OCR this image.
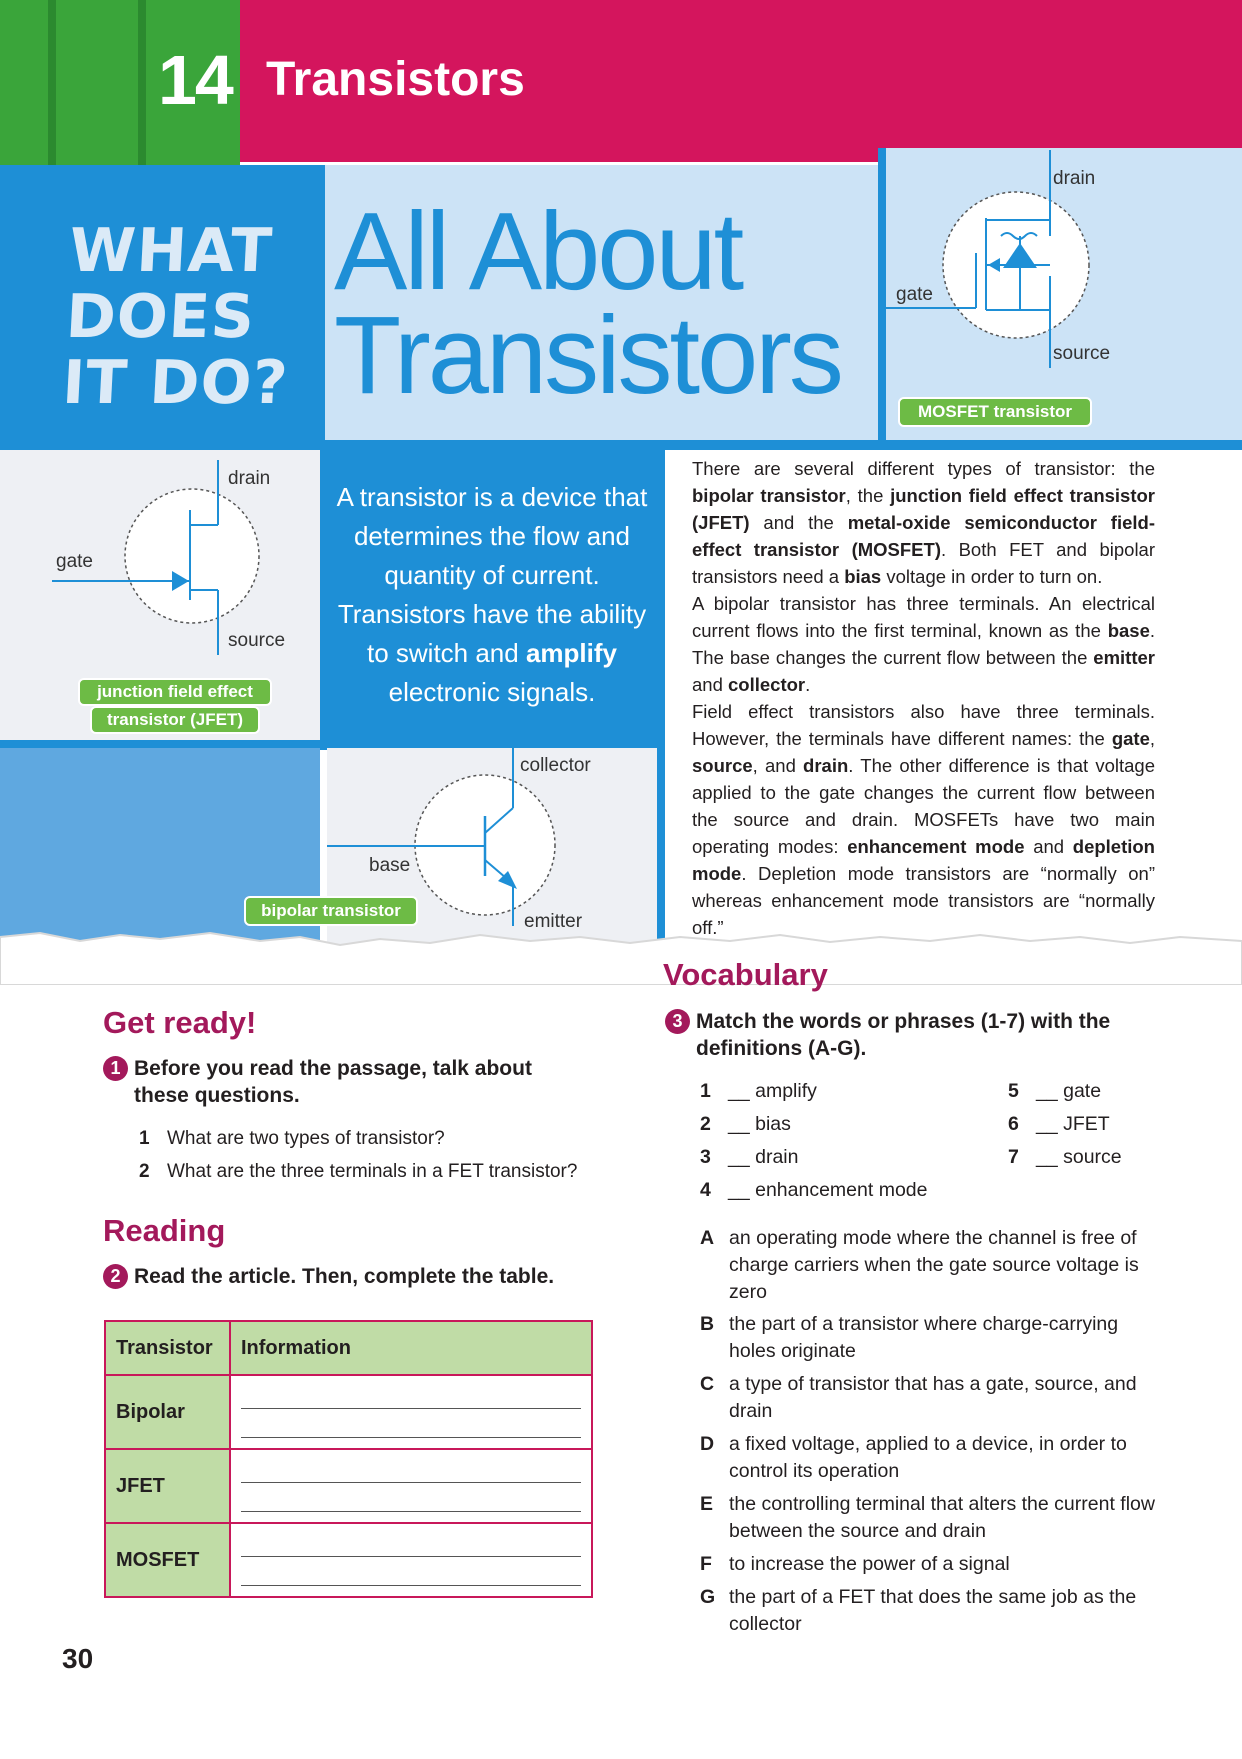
14 Transistors
WHAT
DOES
IT DO?
All About
Transistors
drain
gate
source
MOSFET transistor
drain
gate
source
junction field effect
transistor (JFET)
A transistor is a device that determines the flow and quantity of current. Transistors have the ability to switch and amplify electronic signals.
There are several different types of transistor: the bipolar transistor, the junction field effect transistor (JFET) and the metal-oxide semiconductor field-effect transistor (MOSFET). Both FET and bipolar transistors need a bias voltage in order to turn on.
A bipolar transistor has three terminals. An electrical current flows into the first terminal, known as the base. The base changes the current flow between the emitter and collector.
Field effect transistors also have three terminals. However, the terminals have different names: the gate, source, and drain. The other difference is that voltage applied to the gate changes the current flow between the source and drain. MOSFETs have two main operating modes: enhancement mode and depletion mode. Depletion mode transistors are “normally on” whereas enhancement mode transistors are “normally off.”
collector
base
emitter
bipolar transistor
Get ready!
1 Before you read the passage, talk about these questions.
1 What are two types of transistor?
2 What are the three terminals in a FET transistor?
Reading
2 Read the article. Then, complete the table.
Transistor	Information
Bipolar	

JFET	

MOSFET	
Vocabulary
3 Match the words or phrases (1-7) with the definitions (A-G).
1 __ amplify
2 __ bias
3 __ drain
4 __ enhancement mode
5 __ gate
6 __ JFET
7 __ source
A an operating mode where the channel is free of charge carriers when the gate source voltage is zero
B the part of a transistor where charge-carrying holes originate
C a type of transistor that has a gate, source, and drain
D a fixed voltage, applied to a device, in order to control its operation
E the controlling terminal that alters the current flow between the source and drain
F to increase the power of a signal
G the part of a FET that does the same job as the collector
30
